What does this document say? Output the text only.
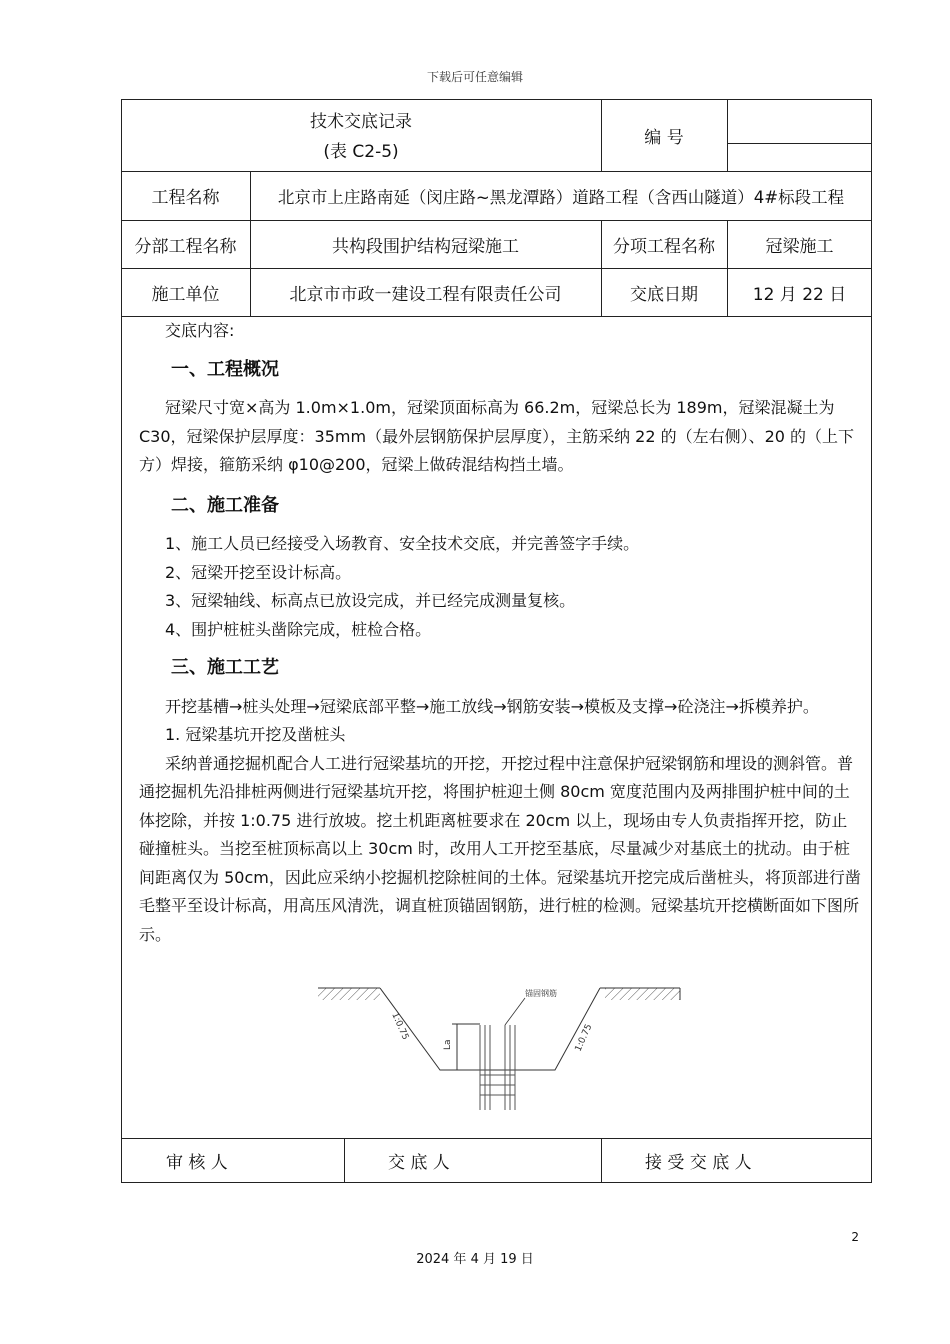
下载后可任意编辑
技术交底记录
(表 C2-5)
编 号
工程名称	北京市上庄路南延（闵庄路~黑龙潭路）道路工程（含西山隧道）4#标段工程
分部工程名称	共构段围护结构冠梁施工	分项工程名称	冠梁施工
施工单位	北京市市政一建设工程有限责任公司	交底日期	12 月 22 日

交底内容:

一、工程概况

冠梁尺寸宽×高为 1.0m×1.0m，冠梁顶面标高为 66.2m，冠梁总长为 189m，冠梁混凝土为 C30，冠梁保护层厚度：35mm（最外层钢筋保护层厚度），主筋采纳 22 的（左右侧）、20 的（上下方）焊接，箍筋采纳 φ10@200，冠梁上做砖混结构挡土墙。

二、施工准备

1、施工人员已经接受入场教育、安全技术交底，并完善签字手续。

2、冠梁开挖至设计标高。

3、冠梁轴线、标高点已放设完成，并已经完成测量复核。

4、围护桩桩头凿除完成，桩检合格。

三、施工工艺

开挖基槽→桩头处理→冠梁底部平整→施工放线→钢筋安装→模板及支撑→砼浇注→拆模养护。

1. 冠梁基坑开挖及凿桩头

采纳普通挖掘机配合人工进行冠梁基坑的开挖，开挖过程中注意保护冠梁钢筋和埋设的测斜管。普通挖掘机先沿排桩两侧进行冠梁基坑开挖，将围护桩迎土侧 80cm 宽度范围内及两排围护桩中间的土体挖除，并按 1:0.75 进行放坡。挖土机距离桩要求在 20cm 以上，现场由专人负责指挥开挖，防止碰撞桩头。当挖至桩顶标高以上 30cm 时，改用人工开挖至基底，尽量减少对基底土的扰动。由于桩间距离仅为 50cm，因此应采纳小挖掘机挖除桩间的土体。冠梁基坑开挖完成后凿桩头，将顶部进行凿毛整平至设计标高，用高压风清洗，调直桩顶锚固钢筋，进行桩的检测。冠梁基坑开挖横断面如下图所示。

锚固钢筋
La
1:0.75	1:0.75
审 核 人	交 底 人	接 受 交 底 人
2
2024 年 4 月 19 日
